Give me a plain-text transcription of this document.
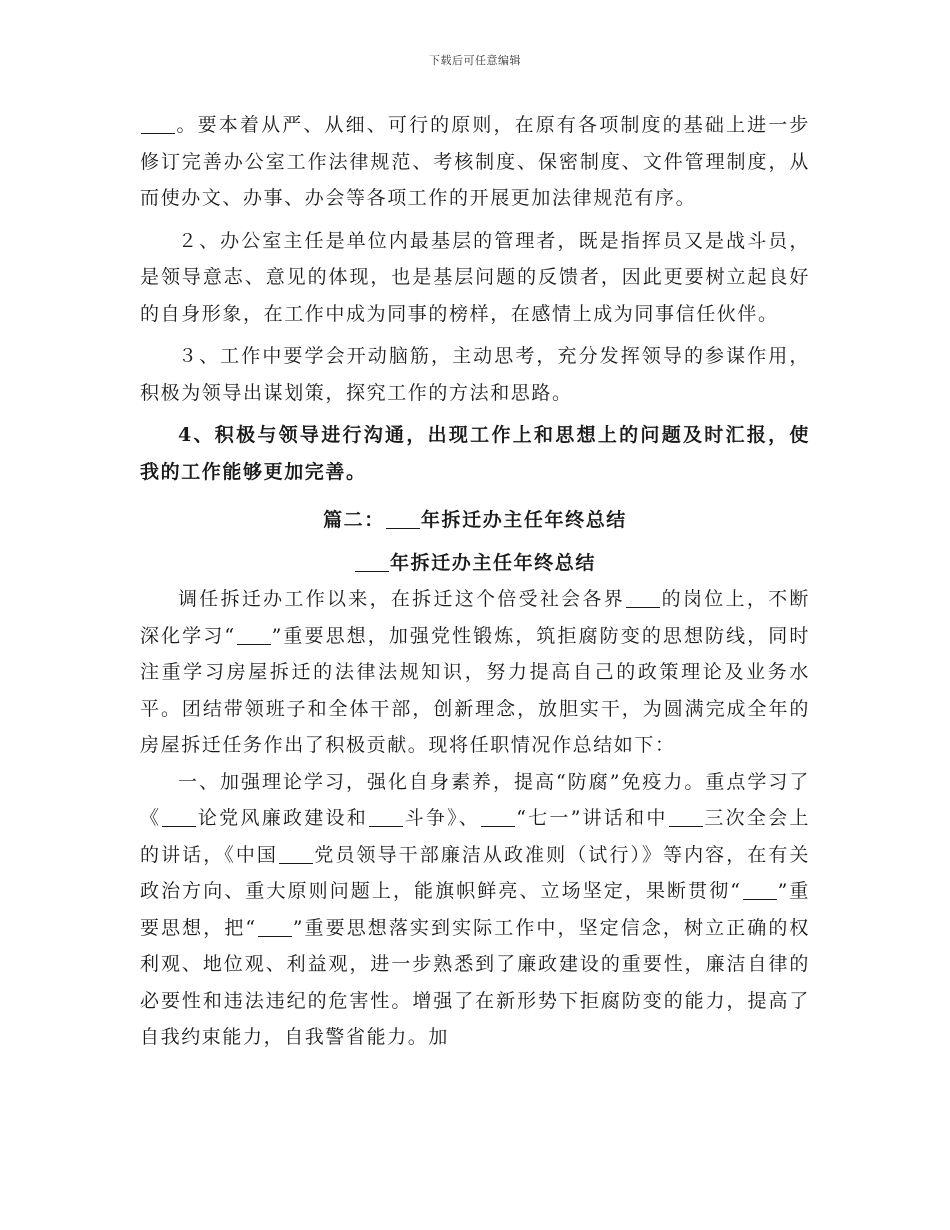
下载后可任意编辑

。要本着从严、从细、可行的原则，在原有各项制度的基础上进一步修订完善办公室工作法律规范、考核制度、保密制度、文件管理制度，从而使办文、办事、办会等各项工作的开展更加法律规范有序。

２、办公室主任是单位内最基层的管理者，既是指挥员又是战斗员，是领导意志、意见的体现，也是基层问题的反馈者，因此更要树立起良好的自身形象，在工作中成为同事的榜样，在感情上成为同事信任伙伴。

３、工作中要学会开动脑筋，主动思考，充分发挥领导的参谋作用，积极为领导出谋划策，探究工作的方法和思路。

4、积极与领导进行沟通，出现工作上和思想上的问题及时汇报，使我的工作能够更加完善。

篇二： 年拆迁办主任年终总结

年拆迁办主任年终总结

调任拆迁办工作以来，在拆迁这个倍受社会各界 的岗位上，不断深化学习“ ”重要思想，加强党性锻炼，筑拒腐防变的思想防线，同时注重学习房屋拆迁的法律法规知识，努力提高自己的政策理论及业务水平。团结带领班子和全体干部，创新理念，放胆实干，为圆满完成全年的房屋拆迁任务作出了积极贡献。现将任职情况作总结如下：

一、加强理论学习，强化自身素养，提高“防腐”免疫力。重点学习了《 论党风廉政建设和 斗争》、 “七一”讲话和中 三次全会上的讲话，《中国 党员领导干部廉洁从政准则（试行）》等内容，在有关政治方向、重大原则问题上，能旗帜鲜亮、立场坚定，果断贯彻“ ”重要思想，把“ ”重要思想落实到实际工作中，坚定信念，树立正确的权利观、地位观、利益观，进一步熟悉到了廉政建设的重要性，廉洁自律的必要性和违法违纪的危害性。增强了在新形势下拒腐防变的能力，提高了自我约束能力，自我警省能力。加
